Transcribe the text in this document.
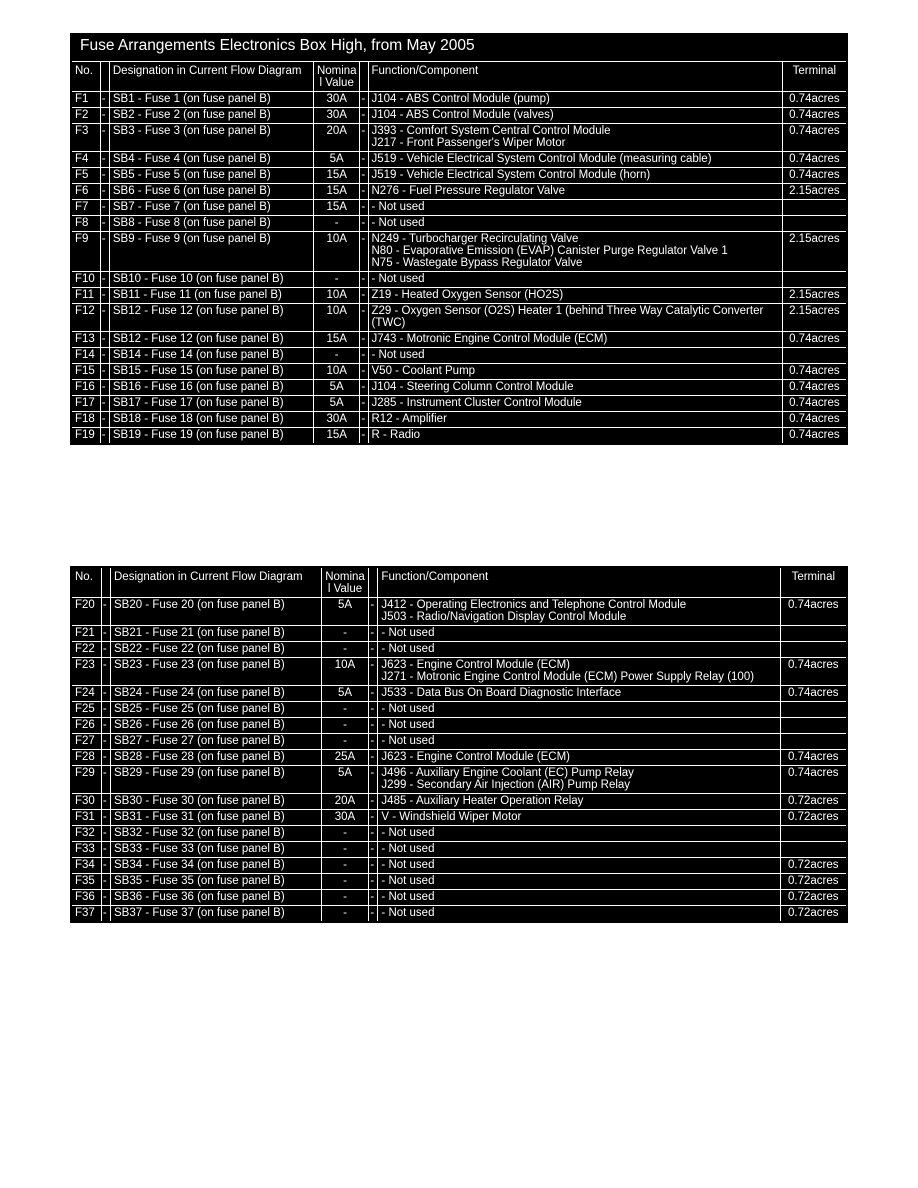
Fuse Arrangements Electronics Box High, from May 2005						
No.		Designation in Current Flow Diagram	Nomina l Value		Function/Component	Terminal
F1	-	SB1 - Fuse 1 (on fuse panel B)	30A	-	J104 - ABS Control Module (pump)	0.74acres
F2	-	SB2 - Fuse 2 (on fuse panel B)	30A	-	J104 - ABS Control Module (valves)	0.74acres
F3	-	SB3 - Fuse 3 (on fuse panel B)	20A	-	J393 - Comfort System Central Control Module
J217 - Front Passenger's Wiper Motor	0.74acres
F4	-	SB4 - Fuse 4 (on fuse panel B)	5A	-	J519 - Vehicle Electrical System Control Module (measuring cable)	0.74acres
F5	-	SB5 - Fuse 5 (on fuse panel B)	15A	-	J519 - Vehicle Electrical System Control Module (horn)	0.74acres
F6	-	SB6 - Fuse 6 (on fuse panel B)	15A	-	N276 - Fuel Pressure Regulator Valve	2.15acres
F7	-	SB7 - Fuse 7 (on fuse panel B)	15A	-	- Not used	

F8	-	SB8 - Fuse 8 (on fuse panel B)	-	-	- Not used	

F9	-	SB9 - Fuse 9 (on fuse panel B)	10A	-	N249 - Turbocharger Recirculating Valve
N80 - Evaporative Emission (EVAP) Canister Purge Regulator Valve 1
N75 - Wastegate Bypass Regulator Valve	2.15acres
F10	-	SB10 - Fuse 10 (on fuse panel B)	-	-	- Not used	

F11	-	SB11 - Fuse 11 (on fuse panel B)	10A	-	Z19 - Heated Oxygen Sensor (HO2S)	2.15acres
F12	-	SB12 - Fuse 12 (on fuse panel B)	10A	-	Z29 - Oxygen Sensor (O2S) Heater 1 (behind Three Way Catalytic Converter
(TWC)	2.15acres
F13	-	SB12 - Fuse 12 (on fuse panel B)	15A	-	J743 - Motronic Engine Control Module (ECM)	0.74acres
F14	-	SB14 - Fuse 14 (on fuse panel B)	-	-	- Not used	

F15	-	SB15 - Fuse 15 (on fuse panel B)	10A	-	V50 - Coolant Pump	0.74acres
F16	-	SB16 - Fuse 16 (on fuse panel B)	5A	-	J104 - Steering Column Control Module	0.74acres
F17	-	SB17 - Fuse 17 (on fuse panel B)	5A	-	J285 - Instrument Cluster Control Module	0.74acres
F18	-	SB18 - Fuse 18 (on fuse panel B)	30A	-	R12 - Amplifier	0.74acres
F19	-	SB19 - Fuse 19 (on fuse panel B)	15A	-	R - Radio	0.74acres
No.		Designation in Current Flow Diagram	Nomina l Value		Function/Component	Terminal
F20	-	SB20 - Fuse 20 (on fuse panel B)	5A	-	J412 - Operating Electronics and Telephone Control Module
J503 - Radio/Navigation Display Control Module	0.74acres
F21	-	SB21 - Fuse 21 (on fuse panel B)	-	-	- Not used	

F22	-	SB22 - Fuse 22 (on fuse panel B)	-	-	- Not used	

F23	-	SB23 - Fuse 23 (on fuse panel B)	10A	-	J623 - Engine Control Module (ECM)
J271 - Motronic Engine Control Module (ECM) Power Supply Relay (100)	0.74acres
F24	-	SB24 - Fuse 24 (on fuse panel B)	5A	-	J533 - Data Bus On Board Diagnostic Interface	0.74acres
F25	-	SB25 - Fuse 25 (on fuse panel B)	-	-	- Not used	

F26	-	SB26 - Fuse 26 (on fuse panel B)	-	-	- Not used	

F27	-	SB27 - Fuse 27 (on fuse panel B)	-	-	- Not used	

F28	-	SB28 - Fuse 28 (on fuse panel B)	25A	-	J623 - Engine Control Module (ECM)	0.74acres
F29	-	SB29 - Fuse 29 (on fuse panel B)	5A	-	J496 - Auxiliary Engine Coolant (EC) Pump Relay
J299 - Secondary Air Injection (AIR) Pump Relay	0.74acres
F30	-	SB30 - Fuse 30 (on fuse panel B)	20A	-	J485 - Auxiliary Heater Operation Relay	0.72acres
F31	-	SB31 - Fuse 31 (on fuse panel B)	30A	-	V - Windshield Wiper Motor	0.72acres
F32	-	SB32 - Fuse 32 (on fuse panel B)	-	-	- Not used	

F33	-	SB33 - Fuse 33 (on fuse panel B)	-	-	- Not used	

F34	-	SB34 - Fuse 34 (on fuse panel B)	-	-	- Not used	0.72acres
F35	-	SB35 - Fuse 35 (on fuse panel B)	-	-	- Not used	0.72acres
F36	-	SB36 - Fuse 36 (on fuse panel B)	-	-	- Not used	0.72acres
F37	-	SB37 - Fuse 37 (on fuse panel B)	-	-	- Not used	0.72acres
